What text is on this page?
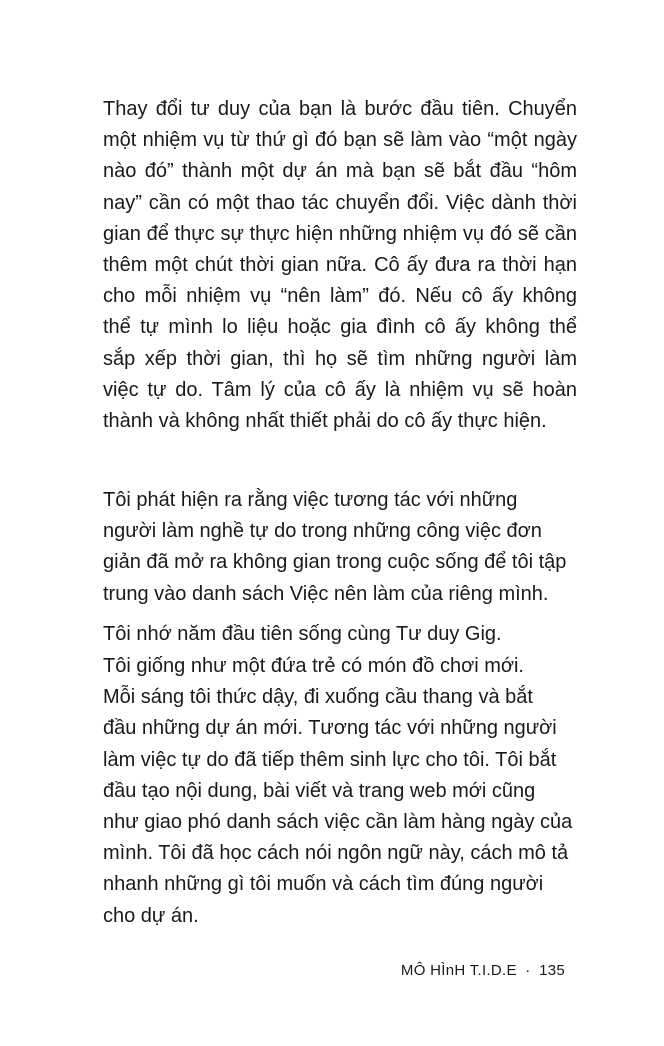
Thay đổi tư duy của bạn là bước đầu tiên. Chuyển
một nhiệm vụ từ thứ gì đó bạn sẽ làm vào “một ngày
nào đó” thành một dự án mà bạn sẽ bắt đầu “hôm
nay” cần có một thao tác chuyển đổi. Việc dành thời
gian để thực sự thực hiện những nhiệm vụ đó sẽ cần
thêm một chút thời gian nữa. Cô ấy đưa ra thời hạn
cho mỗi nhiệm vụ “nên làm” đó. Nếu cô ấy không
thể tự mình lo liệu hoặc gia đình cô ấy không thể
sắp xếp thời gian, thì họ sẽ tìm những người làm
việc tự do. Tâm lý của cô ấy là nhiệm vụ sẽ hoàn
thành và không nhất thiết phải do cô ấy thực hiện.
Tôi phát hiện ra rằng việc tương tác với những
người làm nghề tự do trong những công việc đơn
giản đã mở ra không gian trong cuộc sống để tôi tập
trung vào danh sách Việc nên làm của riêng mình.
Tôi nhớ năm đầu tiên sống cùng Tư duy Gig.
Tôi giống như một đứa trẻ có món đồ chơi mới.
Mỗi sáng tôi thức dậy, đi xuống cầu thang và bắt
đầu những dự án mới. Tương tác với những người
làm việc tự do đã tiếp thêm sinh lực cho tôi. Tôi bắt
đầu tạo nội dung, bài viết và trang web mới cũng
như giao phó danh sách việc cần làm hàng ngày của
mình. Tôi đã học cách nói ngôn ngữ này, cách mô tả
nhanh những gì tôi muốn và cách tìm đúng người
cho dự án.
MÔ HÌnH T.I.D.E · 135
